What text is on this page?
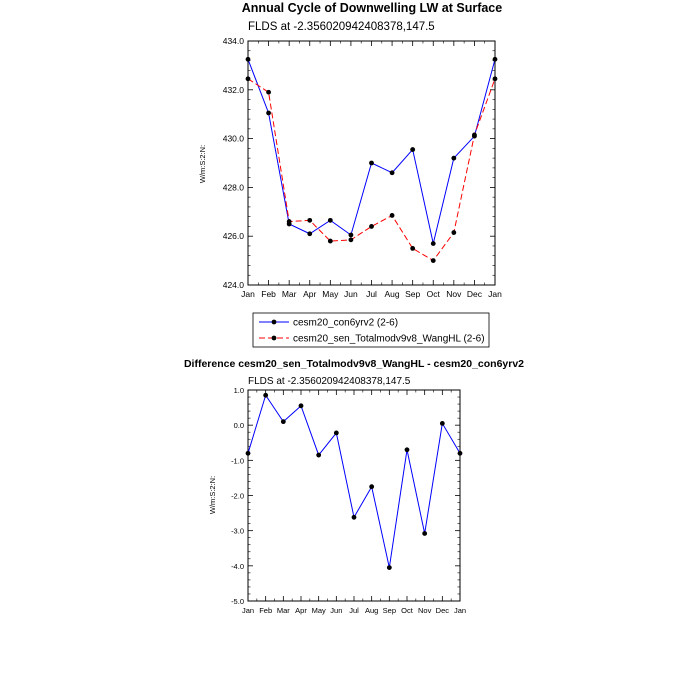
Annual Cycle of Downwelling LW at Surface
FLDS at -2.356020942408378,147.5
W/m:S:2:N:
Jan Feb Mar Apr May Jun Jul Aug Sep Oct Nov Dec Jan
424.0
426.0
428.0
430.0
432.0
434.0
cesm20_con6yrv2 (2-6)
cesm20_sen_Totalmodv9v8_WangHL (2-6)
Difference cesm20_sen_Totalmodv9v8_WangHL - cesm20_con6yrv2
FLDS at -2.356020942408378,147.5
W/m:S:2:N:
Jan Feb Mar Apr May Jun Jul Aug Sep Oct Nov Dec Jan
-5.0
-4.0
-3.0
-2.0
-1.0
0.0
1.0
